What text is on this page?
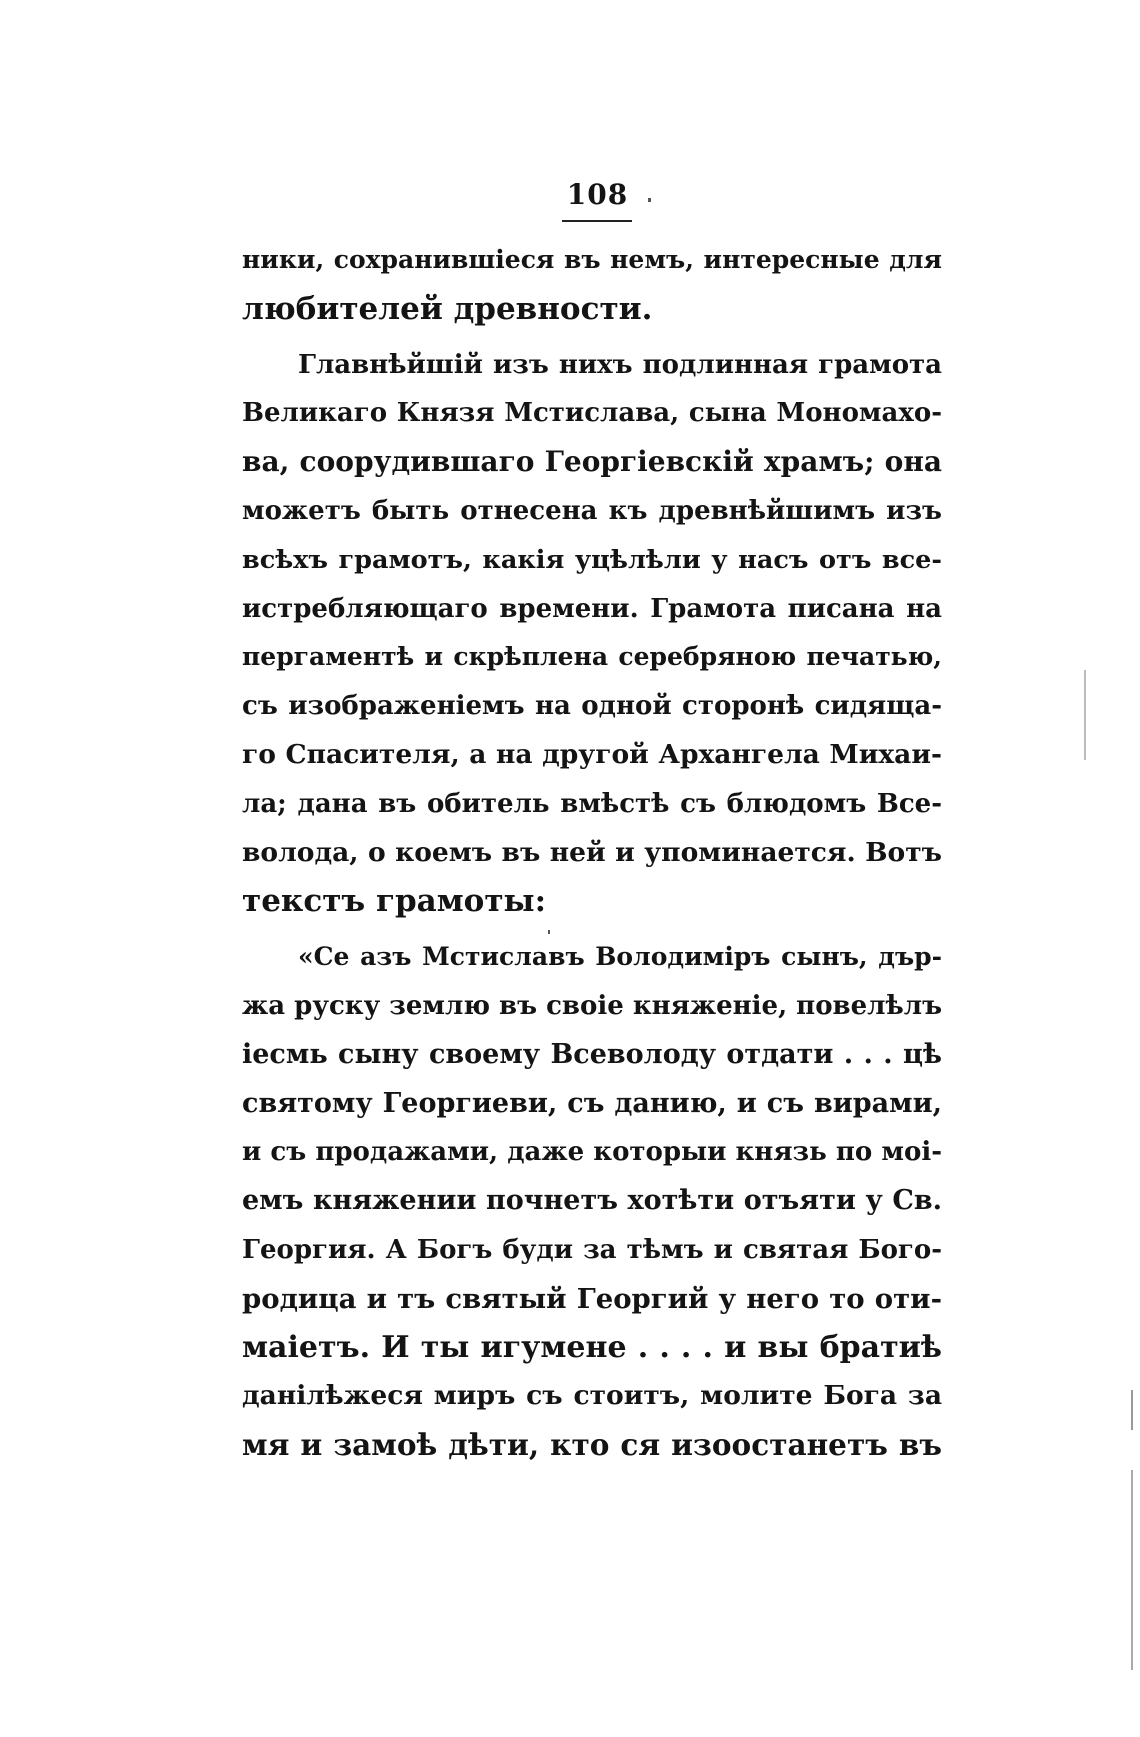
108
ники, сохранившіеся въ немъ, интересные для
любителей древности.
Главнѣйшій изъ нихъ подлинная грамота
Великаго Князя Мстислава, сына Мономахо-
ва, соорудившаго Георгіевскій храмъ; она
можетъ быть отнесена къ древнѣйшимъ изъ
всѣхъ грамотъ, какія уцѣлѣли у насъ отъ все-
истребляющаго времени. Грамота писана на
пергаментѣ и скрѣплена серебряною печатью,
съ изображеніемъ на одной сторонѣ сидяща-
го Спасителя, а на другой Архангела Михаи-
ла; дана въ обитель вмѣстѣ съ блюдомъ Все-
волода, о коемъ въ ней и упоминается. Вотъ
текстъ грамоты:
«Се азъ Мстиславъ Володиміръ сынъ, дър-
жа руску землю въ своіе княженіе, повелѣлъ
іесмь сыну своему Всеволоду отдати . . . цѣ
святому Георгиеви, съ данию, и съ вирами,
и съ продажами, даже которыи князь по моі-
емъ княжении почнетъ хотѣти отъяти у Св.
Георгия. А Богъ буди за тѣмъ и святая Бого-
родица и тъ святый Георгий у него то оти-
маіетъ. И ты игумене . . . . и вы братиѣ
данілѣжеся миръ съ стоитъ, молите Бога за
мя и замоѣ дѣти, кто ся изоостанетъ въ
